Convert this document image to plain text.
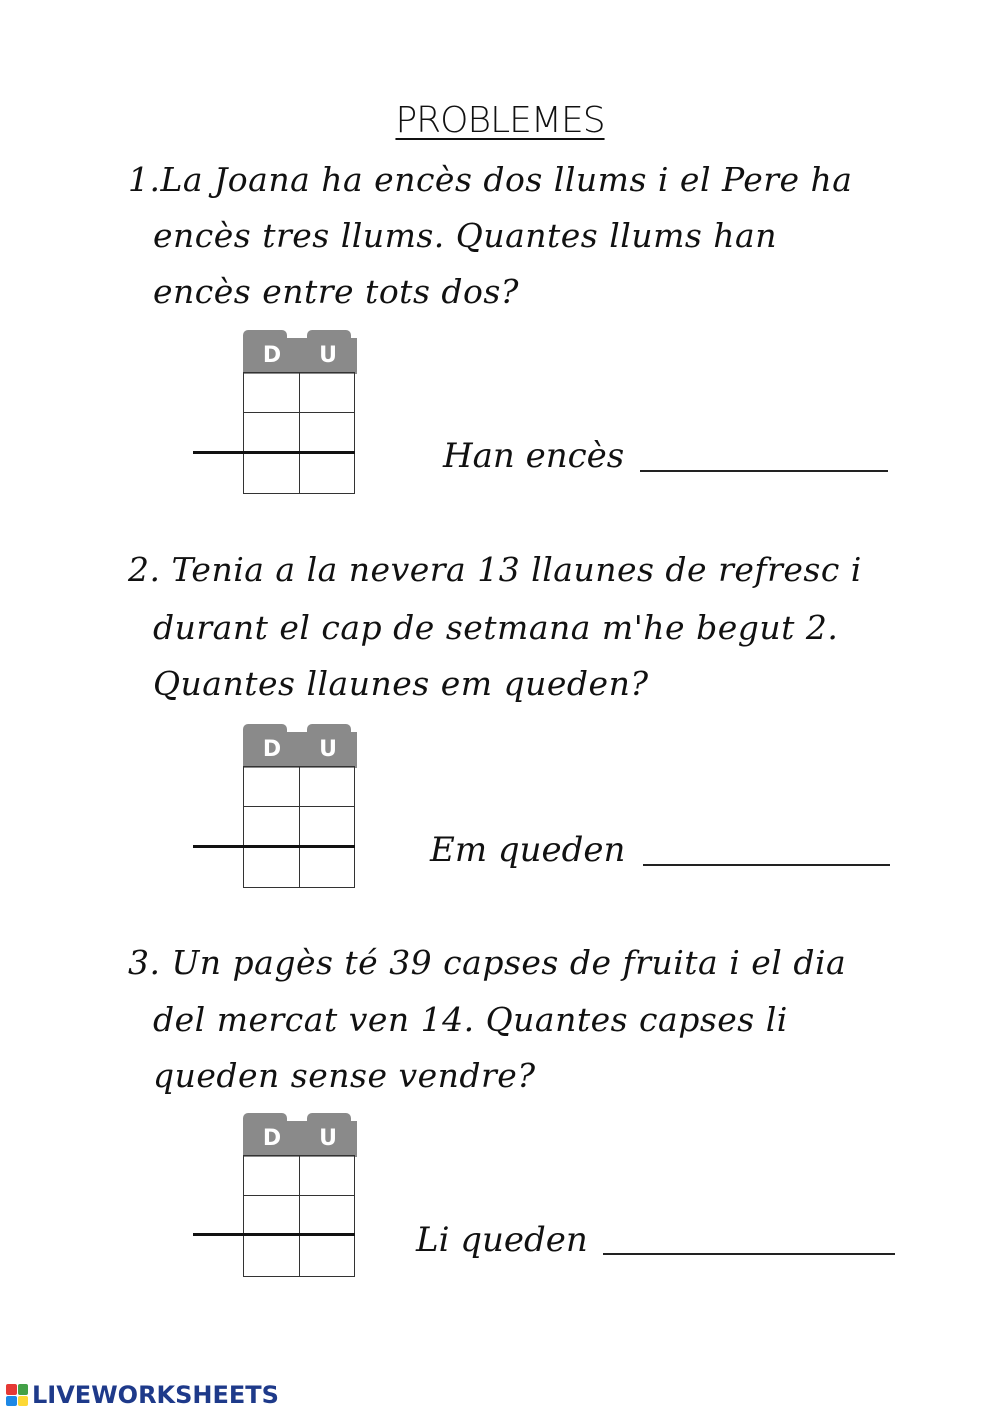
PROBLEMES
1.La Joana ha encès dos llums i el Pere ha
encès tres llums. Quantes llums han
encès entre tots dos?
D	U
Han encès
2. Tenia a la nevera 13 llaunes de refresc i
durant el cap de setmana m'he begut 2.
Quantes llaunes em queden?
D	U
Em queden
3. Un pagès té 39 capses de fruita i el dia
del mercat ven 14. Quantes capses li
queden sense vendre?
D	U
Li queden
LIVEWORKSHEETS
